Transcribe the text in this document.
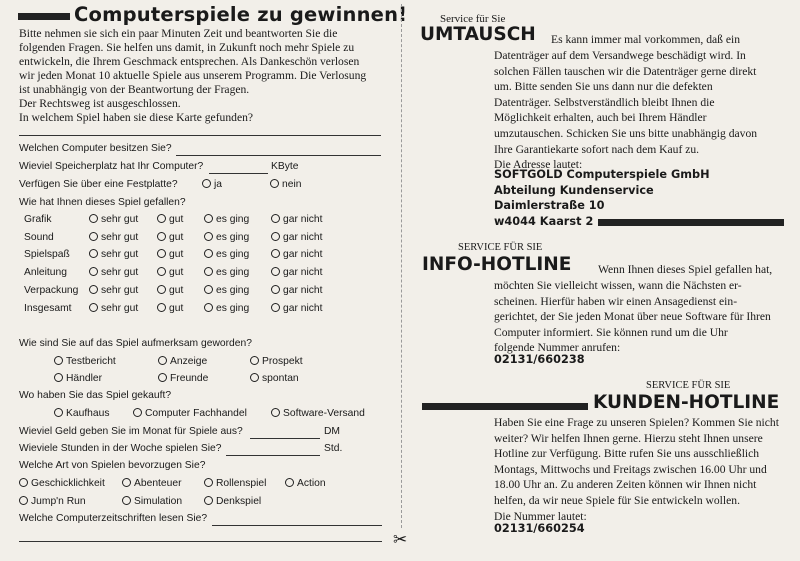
Computerspiele zu gewinnen!
Bitte nehmen sie sich ein paar Minuten Zeit und beantworten Sie die
folgenden Fragen. Sie helfen uns damit, in Zukunft noch mehr Spiele zu
entwickeln, die Ihrem Geschmack entsprechen. Als Dankeschön verlosen
wir jeden Monat 10 aktuelle Spiele aus unserem Programm. Die Verlosung
ist unabhängig von der Beantwortung der Fragen.
Der Rechtsweg ist ausgeschlossen.
In welchem Spiel haben sie diese Karte gefunden?
Welchen Computer besitzen Sie?
Wieviel Speicherplatz hat Ihr Computer?	KByte
Verfügen Sie über eine Festplatte?	ja	nein
Wie hat Ihnen dieses Spiel gefallen?
Grafik	sehr gut	gut	es ging	gar nicht
Sound	sehr gut	gut	es ging	gar nicht
Spielspaß	sehr gut	gut	es ging	gar nicht
Anleitung	sehr gut	gut	es ging	gar nicht
Verpackung	sehr gut	gut	es ging	gar nicht
Insgesamt	sehr gut	gut	es ging	gar nicht
Wie sind Sie auf das Spiel aufmerksam geworden?
Testbericht	Anzeige	Prospekt
Händler	Freunde	spontan
Wo haben Sie das Spiel gekauft?
Kaufhaus	Computer Fachhandel	Software-Versand
Wieviel Geld geben Sie im Monat für Spiele aus?	DM
Wieviele Stunden in der Woche spielen Sie?	Std.
Welche Art von Spielen bevorzugen Sie?
Geschicklichkeit	Abenteuer	Rollenspiel	Action
Jump'n Run	Simulation	Denkspiel
Welche Computerzeitschriften lesen Sie?
✂
Service für Sie
UMTAUSCH Es kann immer mal vorkommen, daß ein
Datenträger auf dem Versandwege beschädigt wird. In
solchen Fällen tauschen wir die Datenträger gerne direkt
um. Bitte senden Sie uns dann nur die defekten
Datenträger. Selbstverständlich bleibt Ihnen die
Möglichkeit erhalten, auch bei Ihrem Händler
umzutauschen. Schicken Sie uns bitte unabhängig davon
Ihre Garantiekarte sofort nach dem Kauf zu.
Die Adresse lautet:
SOFTGOLD Computerspiele GmbH
Abteilung Kundenservice
Daimlerstraße 10
w4044 Kaarst 2
SERVICE FÜR SIE
INFO-HOTLINE Wenn Ihnen dieses Spiel gefallen hat,
möchten Sie vielleicht wissen, wann die Nächsten er-
scheinen. Hierfür haben wir einen Ansagedienst ein-
gerichtet, der Sie jeden Monat über neue Software für Ihren
Computer informiert. Sie können rund um die Uhr
folgende Nummer anrufen:
02131/660238
SERVICE FÜR SIE
KUNDEN-HOTLINE
Haben Sie eine Frage zu unseren Spielen? Kommen Sie nicht
weiter? Wir helfen Ihnen gerne. Hierzu steht Ihnen unsere
Hotline zur Verfügung. Bitte rufen Sie uns ausschließlich
Montags, Mittwochs und Freitags zwischen 16.00 Uhr und
18.00 Uhr an. Zu anderen Zeiten können wir Ihnen nicht
helfen, da wir neue Spiele für Sie entwickeln wollen.
Die Nummer lautet:
02131/660254
